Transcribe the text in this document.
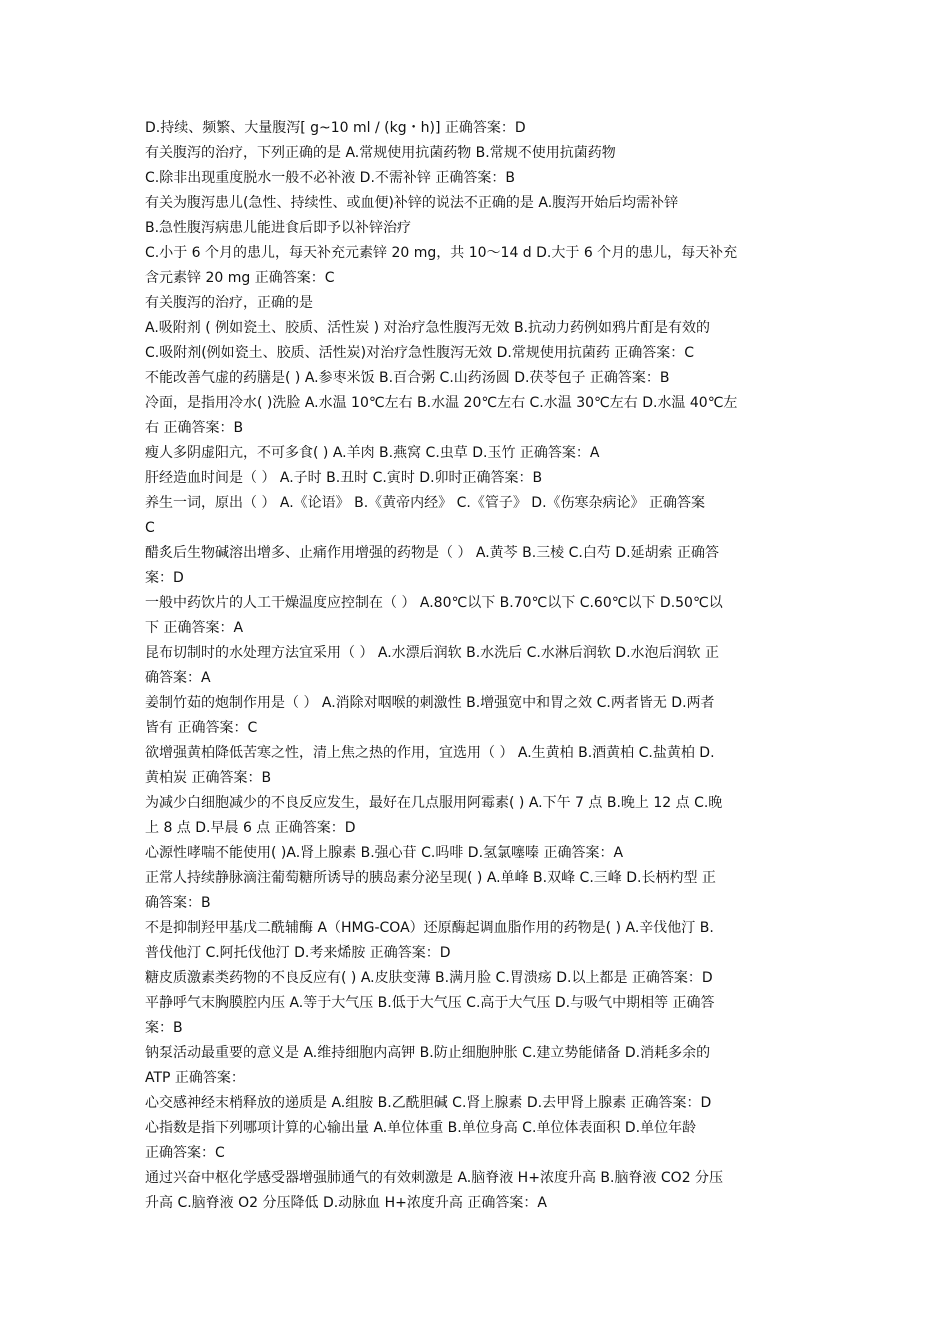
D.持续、频繁、大量腹泻[ g~10 ml / (kg・h)] 正确答案：D
有关腹泻的治疗，下列正确的是 A.常规使用抗菌药物 B.常规不使用抗菌药物
C.除非出现重度脱水一般不必补液 D.不需补锌 正确答案：B
有关为腹泻患儿(急性、持续性、或血便)补锌的说法不正确的是 A.腹泻开始后均需补锌
B.急性腹泻病患儿能进食后即予以补锌治疗
C.小于 6 个月的患儿，每天补充元素锌 20 mg，共 10～14 d D.大于 6 个月的患儿，每天补充
含元素锌 20 mg 正确答案：C
有关腹泻的治疗，正确的是
A.吸附剂 ( 例如瓷土、胶质、活性炭 ) 对治疗急性腹泻无效 B.抗动力药例如鸦片酊是有效的
C.吸附剂(例如瓷土、胶质、活性炭)对治疗急性腹泻无效 D.常规使用抗菌药 正确答案：C
不能改善气虚的药膳是( ) A.参枣米饭 B.百合粥 C.山药汤圆 D.茯苓包子 正确答案：B
冷面，是指用冷水( )洗脸 A.水温 10℃左右 B.水温 20℃左右 C.水温 30℃左右 D.水温 40℃左
右 正确答案：B
瘦人多阴虚阳亢，不可多食( ) A.羊肉 B.燕窝 C.虫草 D.玉竹 正确答案：A
肝经造血时间是（ ） A.子时 B.丑时 C.寅时 D.卯时正确答案：B
养生一词，原出（ ） A.《论语》 B.《黄帝内经》 C.《管子》 D.《伤寒杂病论》 正确答案
C
醋炙后生物碱溶出增多、止痛作用增强的药物是（ ） A.黄芩 B.三棱 C.白芍 D.延胡索 正确答
案：D
一般中药饮片的人工干燥温度应控制在（ ） A.80℃以下 B.70℃以下 C.60℃以下 D.50℃以
下 正确答案：A
昆布切制时的水处理方法宜采用（ ） A.水漂后润软 B.水洗后 C.水淋后润软 D.水泡后润软 正
确答案：A
姜制竹茹的炮制作用是（ ） A.消除对咽喉的刺激性 B.增强宽中和胃之效 C.两者皆无 D.两者
皆有 正确答案：C
欲增强黄柏降低苦寒之性，清上焦之热的作用，宜选用（ ） A.生黄柏 B.酒黄柏 C.盐黄柏 D.
黄柏炭 正确答案：B
为减少白细胞减少的不良反应发生，最好在几点服用阿霉素( ) A.下午 7 点 B.晚上 12 点 C.晚
上 8 点 D.早晨 6 点 正确答案：D
心源性哮喘不能使用( )A.肾上腺素 B.强心苷 C.吗啡 D.氢氯噻嗪 正确答案：A
正常人持续静脉滴注葡萄糖所诱导的胰岛素分泌呈现( ) A.单峰 B.双峰 C.三峰 D.长柄杓型 正
确答案：B
不是抑制羟甲基戊二酰辅酶 A（HMG-COA）还原酶起调血脂作用的药物是( ) A.辛伐他汀 B.
普伐他汀 C.阿托伐他汀 D.考来烯胺 正确答案：D
糖皮质激素类药物的不良反应有( ) A.皮肤变薄 B.满月脸 C.胃溃疡 D.以上都是 正确答案：D
平静呼气末胸膜腔内压 A.等于大气压 B.低于大气压 C.高于大气压 D.与吸气中期相等 正确答
案：B
钠泵活动最重要的意义是 A.维持细胞内高钾 B.防止细胞肿胀 C.建立势能储备 D.消耗多余的
ATP 正确答案：
心交感神经末梢释放的递质是 A.组胺 B.乙酰胆碱 C.肾上腺素 D.去甲肾上腺素 正确答案：D
心指数是指下列哪项计算的心输出量 A.单位体重 B.单位身高 C.单位体表面积 D.单位年龄
正确答案：C
通过兴奋中枢化学感受器增强肺通气的有效刺激是 A.脑脊液 H+浓度升高 B.脑脊液 CO2 分压
升高 C.脑脊液 O2 分压降低 D.动脉血 H+浓度升高 正确答案：A
